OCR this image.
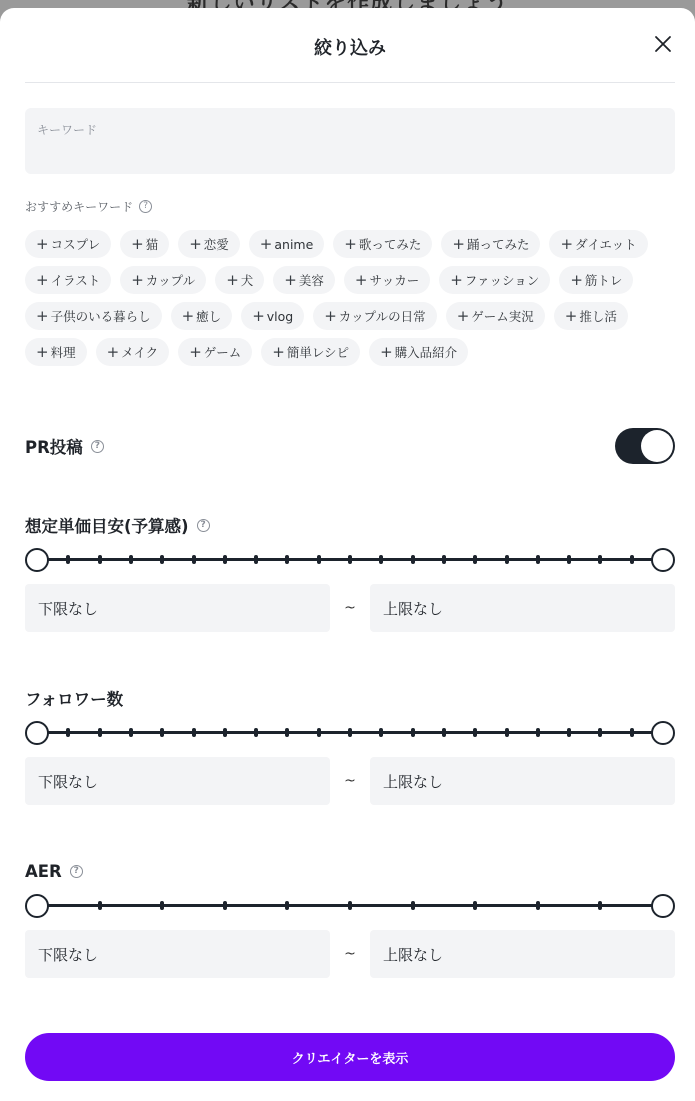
絞り込み
キーワード
おすすめキーワード	?
+ コスプレ + 猫 + 恋愛 + anime + 歌ってみた + 踊ってみた + ダイエット
+ イラスト + カップル + 犬 + 美容 + サッカー + ファッション + 筋トレ
+ 子供のいる暮らし + 癒し + vlog + カップルの日常 + ゲーム実況 + 推し活
+ 料理 + メイク + ゲーム + 簡単レシピ + 購入品紹介
PR投稿	?
想定単価目安(予算感)	?
下限なし	~	上限なし
フォロワー数
下限なし	~	上限なし
AER	?
下限なし	~	上限なし
クリエイターを表示
